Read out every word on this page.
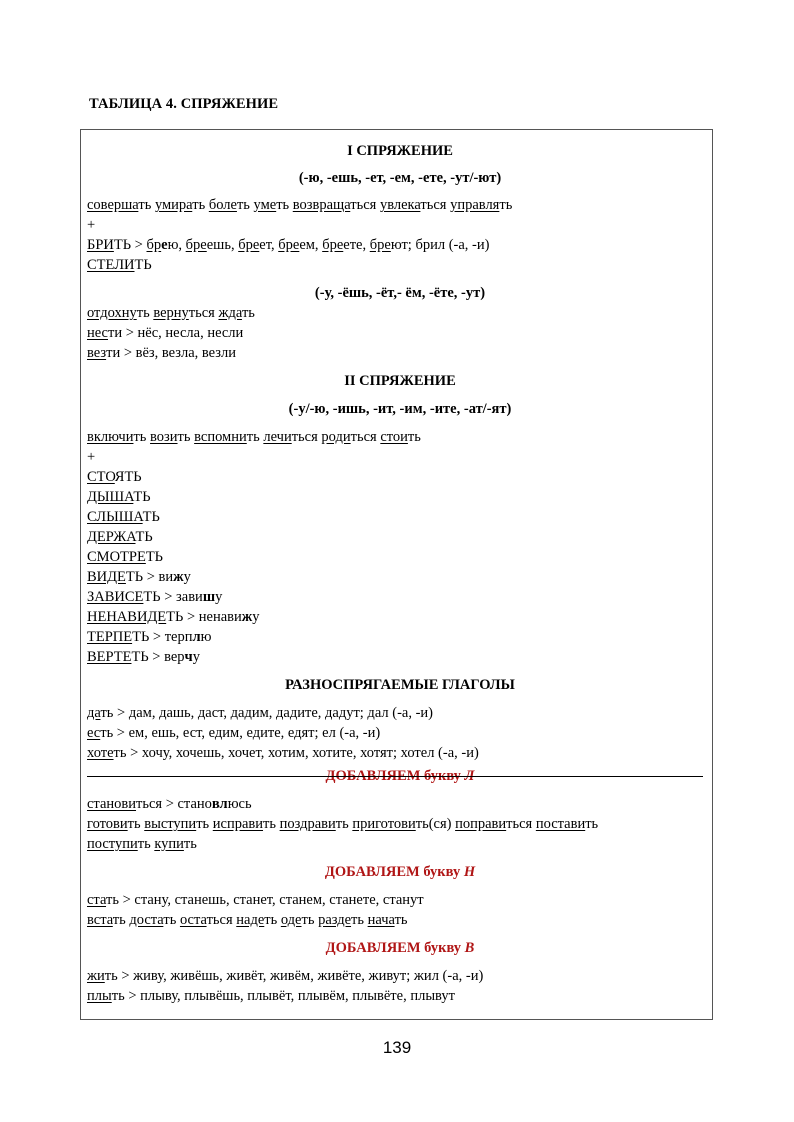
ТАБЛИЦА 4. СПРЯЖЕНИЕ
I СПРЯЖЕНИЕ
(-ю, -ешь, -ет, -ем, -ете, -ут/-ют)
совершать умирать болеть уметь возвращаться увлекаться управлять
+
БРИТЬ > брею, бреешь, бреет, бреем, бреете, бреют; брил (-а, -и)
СТЕЛИТЬ
(-у, -ёшь, -ёт,- ём, -ёте, -ут)
отдохнуть вернуться ждать
нести > нёс, несла, несли
везти > вёз, везла, везли
II СПРЯЖЕНИЕ
(-у/-ю, -ишь, -ит, -им, -ите, -ат/-ят)
включить возить вспомнить лечиться родиться стоить
+
СТОЯТЬ
ДЫШАТЬ
СЛЫШАТЬ
ДЕРЖАТЬ
СМОТРЕТЬ
ВИДЕТЬ > вижу
ЗАВИСЕТЬ > завишу
НЕНАВИДЕТЬ > ненавижу
ТЕРПЕТЬ > терплю
ВЕРТЕТЬ > верчу
РАЗНОСПРЯГАЕМЫЕ ГЛАГОЛЫ
дать > дам, дашь, даст, дадим, дадите, дадут; дал (-а, -и)
есть > ем, ешь, ест, едим, едите, едят; ел (-а, -и)
хотеть > хочу, хочешь, хочет, хотим, хотите, хотят; хотел (-а, -и)
ДОБАВЛЯЕМ букву Л
становиться > становлюсь
готовить выступить исправить поздравить приготовить(ся) поправиться поставить
поступить купить
ДОБАВЛЯЕМ букву Н
стать > стану, станешь, станет, станем, станете, станут
встать достать остаться надеть одеть раздеть начать
ДОБАВЛЯЕМ букву В
жить > живу, живёшь, живёт, живём, живёте, живут; жил (-а, -и)
плыть > плыву, плывёшь, плывёт, плывём, плывёте, плывут
139
